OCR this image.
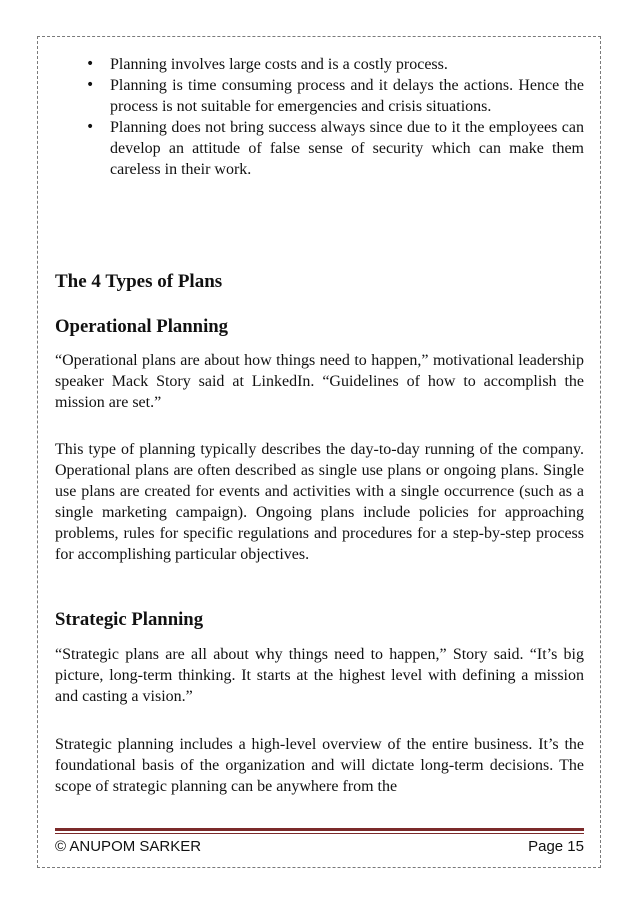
• Planning involves large costs and is a costly process.
• Planning is time consuming process and it delays the actions. Hence the process is not suitable for emergencies and crisis situations.
• Planning does not bring success always since due to it the employees can develop an attitude of false sense of security which can make them careless in their work.
The 4 Types of Plans
Operational Planning

“Operational plans are about how things need to happen,” motivational leadership speaker Mack Story said at LinkedIn. “Guidelines of how to accomplish the mission are set.”

This type of planning typically describes the day-to-day running of the company. Operational plans are often described as single use plans or ongoing plans. Single use plans are created for events and activities with a single occurrence (such as a single marketing campaign). Ongoing plans include policies for approaching problems, rules for specific regulations and procedures for a step-by-step process for accomplishing particular objectives.

Strategic Planning

“Strategic plans are all about why things need to happen,” Story said. “It’s big picture, long-term thinking. It starts at the highest level with defining a mission and casting a vision.”

Strategic planning includes a high-level overview of the entire business. It’s the foundational basis of the organization and will dictate long-term decisions. The scope of strategic planning can be anywhere from the

© ANUPOM SARKER	Page 15
